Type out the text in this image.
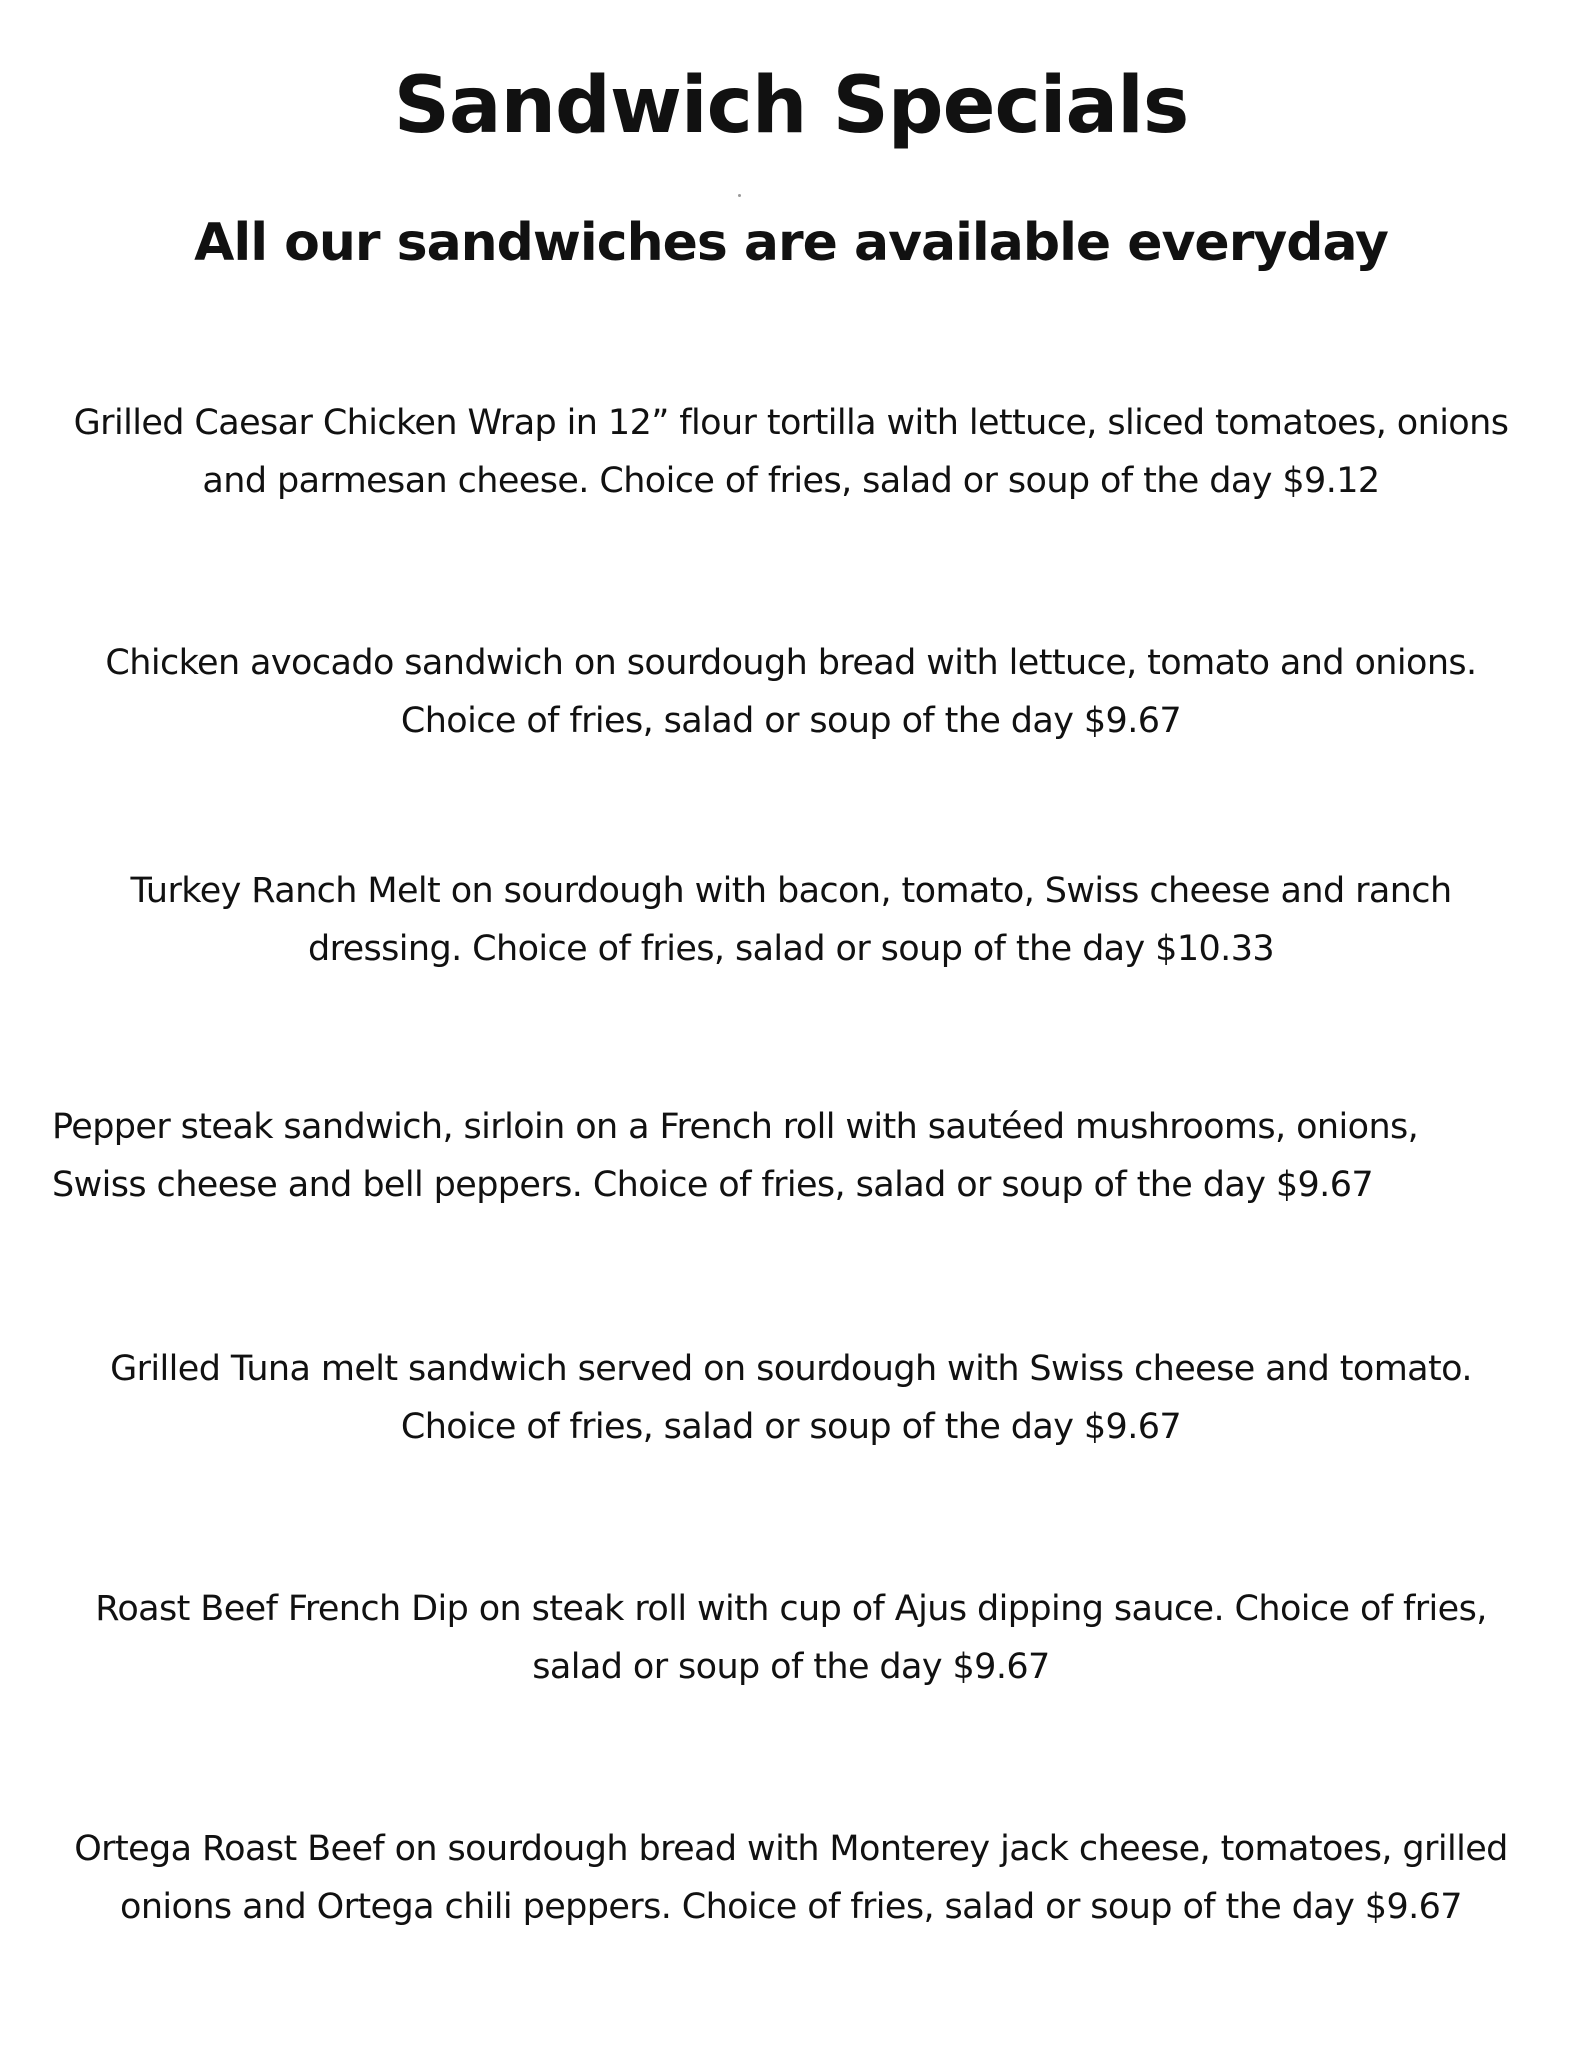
Sandwich Specials
All our sandwiches are available everyday

Grilled Caesar Chicken Wrap in 12” flour tortilla with lettuce, sliced tomatoes, onions
and parmesan cheese. Choice of fries, salad or soup of the day $9.12

Chicken avocado sandwich on sourdough bread with lettuce, tomato and onions.
Choice of fries, salad or soup of the day $9.67

Turkey Ranch Melt on sourdough with bacon, tomato, Swiss cheese and ranch
dressing. Choice of fries, salad or soup of the day $10.33

Pepper steak sandwich, sirloin on a French roll with sautéed mushrooms, onions,
Swiss cheese and bell peppers. Choice of fries, salad or soup of the day $9.67

Grilled Tuna melt sandwich served on sourdough with Swiss cheese and tomato.
Choice of fries, salad or soup of the day $9.67

Roast Beef French Dip on steak roll with cup of Ajus dipping sauce. Choice of fries,
salad or soup of the day $9.67

Ortega Roast Beef on sourdough bread with Monterey jack cheese, tomatoes, grilled
onions and Ortega chili peppers. Choice of fries, salad or soup of the day $9.67
